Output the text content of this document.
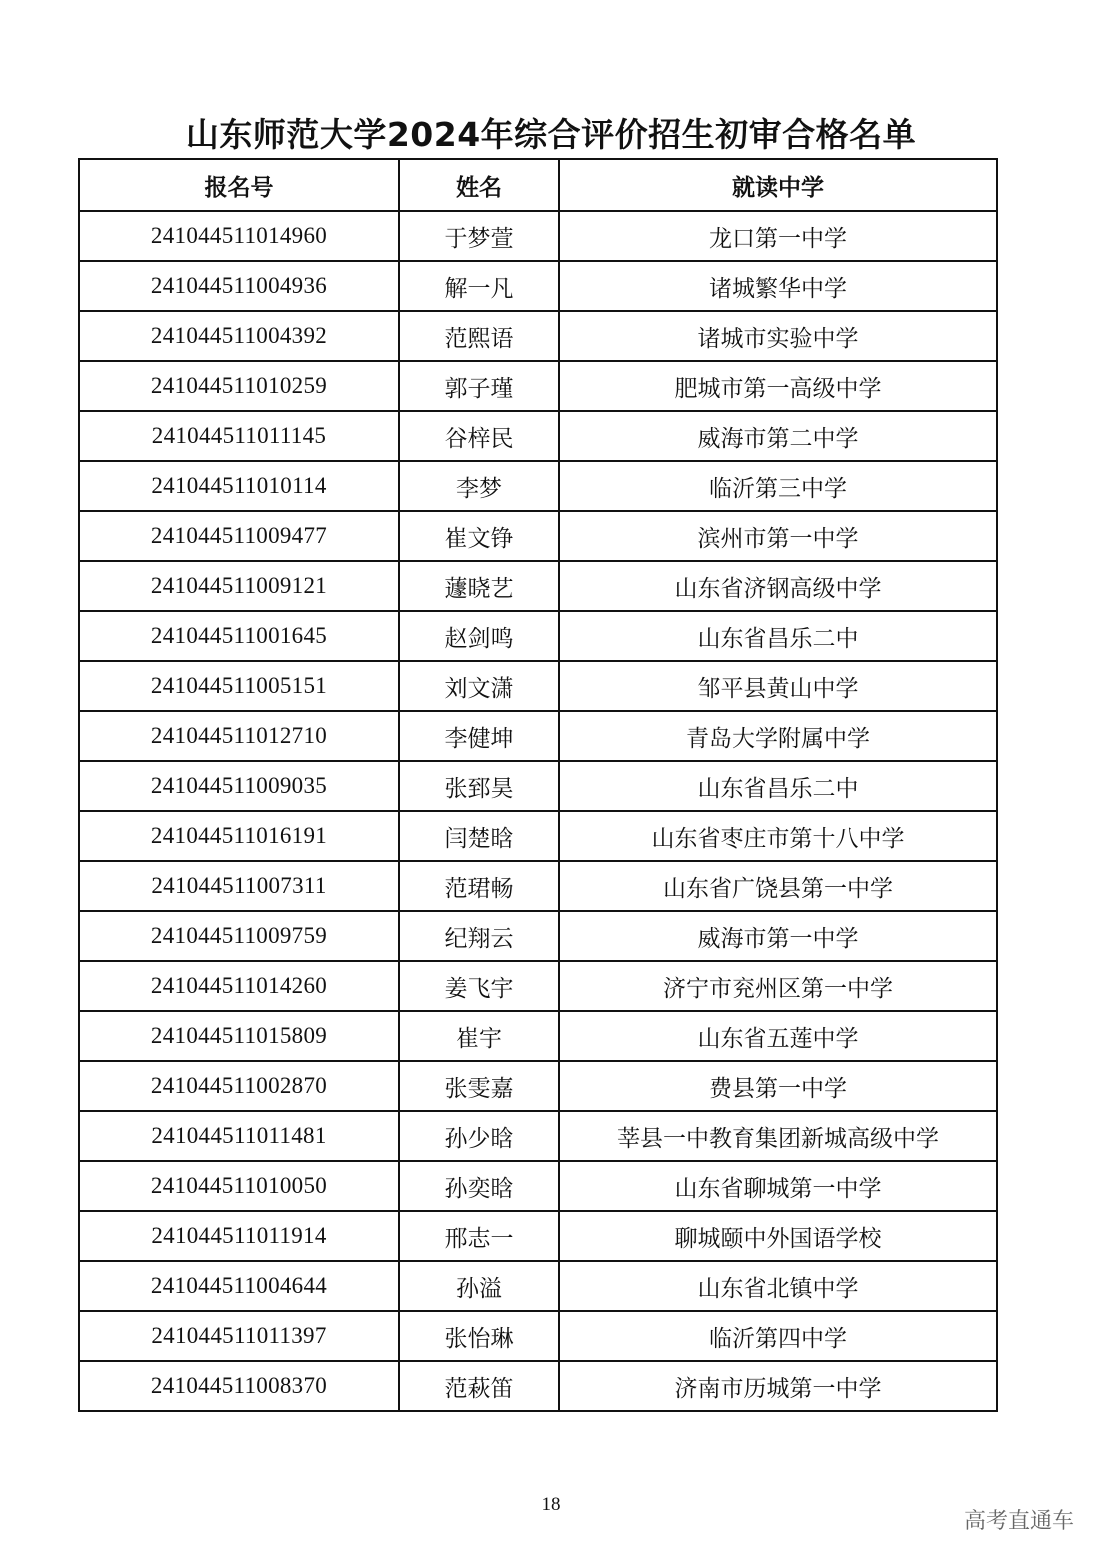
山东师范大学2024年综合评价招生初审合格名单
报名号	姓名	就读中学
241044511014960	于梦萱	龙口第一中学
241044511004936	解一凡	诸城繁华中学
241044511004392	范熙语	诸城市实验中学
241044511010259	郭子瑾	肥城市第一高级中学
241044511011145	谷梓民	威海市第二中学
241044511010114	李梦	临沂第三中学
241044511009477	崔文铮	滨州市第一中学
241044511009121	蘧晓艺	山东省济钢高级中学
241044511001645	赵剑鸣	山东省昌乐二中
241044511005151	刘文潇	邹平县黄山中学
241044511012710	李健坤	青岛大学附属中学
241044511009035	张郅昊	山东省昌乐二中
241044511016191	闫楚晗	山东省枣庄市第十八中学
241044511007311	范珺畅	山东省广饶县第一中学
241044511009759	纪翔云	威海市第一中学
241044511014260	姜飞宇	济宁市兖州区第一中学
241044511015809	崔宇	山东省五莲中学
241044511002870	张雯嘉	费县第一中学
241044511011481	孙少晗	莘县一中教育集团新城高级中学
241044511010050	孙奕晗	山东省聊城第一中学
241044511011914	邢志一	聊城颐中外国语学校
241044511004644	孙溢	山东省北镇中学
241044511011397	张怡琳	临沂第四中学
241044511008370	范萩笛	济南市历城第一中学
18
高考直通车
